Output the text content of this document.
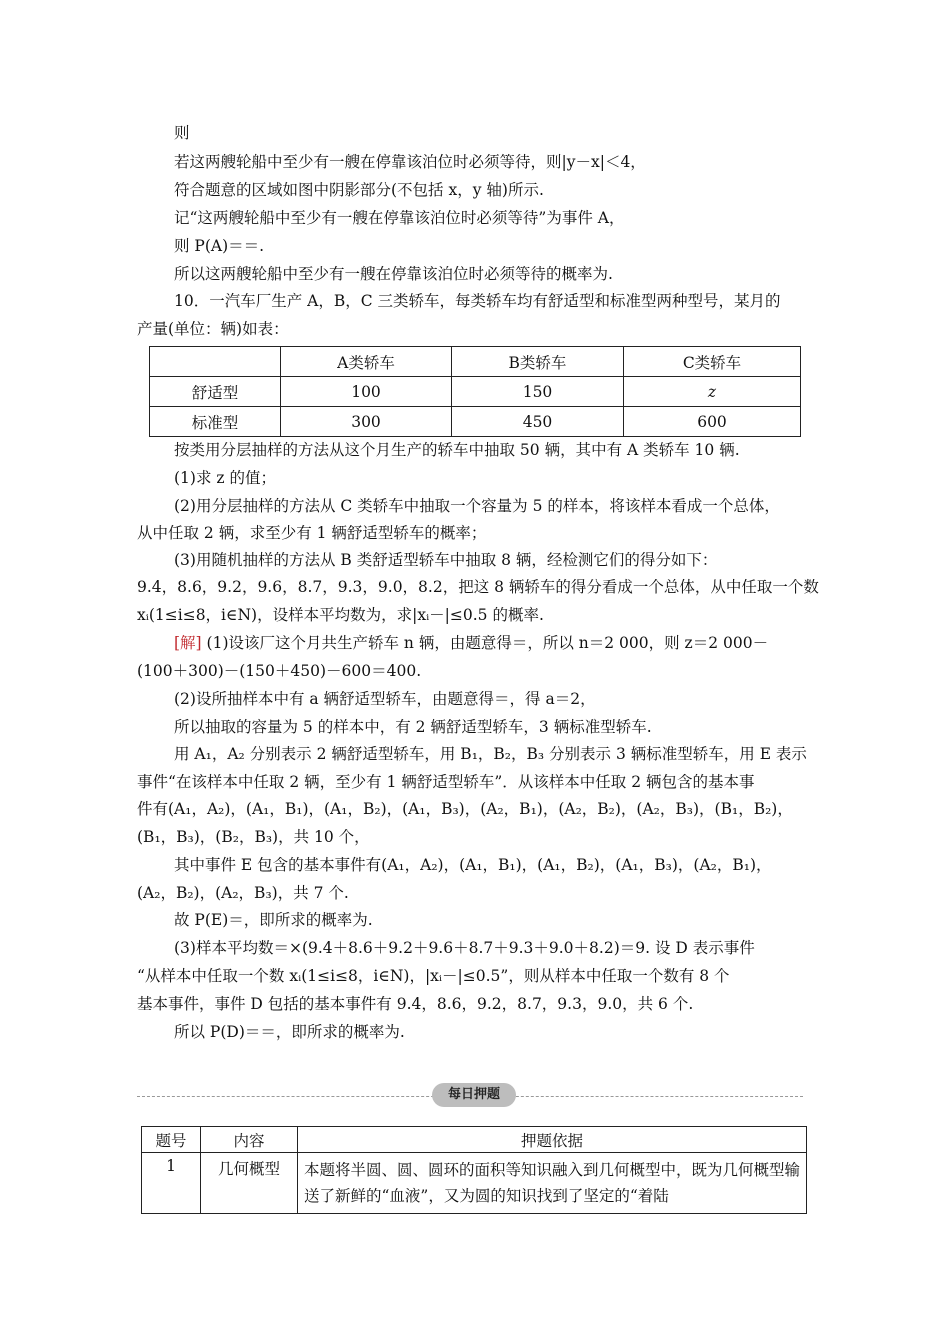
则
若这两艘轮船中至少有一艘在停靠该泊位时必须等待，则|y－x|＜4，
符合题意的区域如图中阴影部分(不包括 x，y 轴)所示.
记“这两艘轮船中至少有一艘在停靠该泊位时必须等待”为事件 A，
则 P(A)＝＝.
所以这两艘轮船中至少有一艘在停靠该泊位时必须等待的概率为.
10．一汽车厂生产 A，B，C 三类轿车，每类轿车均有舒适型和标准型两种型号，某月的
产量(单位：辆)如表：
	A类轿车	B类轿车	C类轿车
舒适型	100	150	z
标准型	300	450	600
按类用分层抽样的方法从这个月生产的轿车中抽取 50 辆，其中有 A 类轿车 10 辆.
(1)求 z 的值；
(2)用分层抽样的方法从 C 类轿车中抽取一个容量为 5 的样本，将该样本看成一个总体，
从中任取 2 辆，求至少有 1 辆舒适型轿车的概率；
(3)用随机抽样的方法从 B 类舒适型轿车中抽取 8 辆，经检测它们的得分如下：
9.4，8.6，9.2，9.6，8.7，9.3，9.0，8.2，把这 8 辆轿车的得分看成一个总体，从中任取一个数
xᵢ(1≤i≤8，i∈N)，设样本平均数为，求|xᵢ－|≤0.5 的概率.
[解] (1)设该厂这个月共生产轿车 n 辆，由题意得＝，所以 n＝2 000，则 z＝2 000－
(100＋300)－(150＋450)－600＝400.
(2)设所抽样本中有 a 辆舒适型轿车，由题意得＝，得 a＝2，
所以抽取的容量为 5 的样本中，有 2 辆舒适型轿车，3 辆标准型轿车.
用 A₁，A₂ 分别表示 2 辆舒适型轿车，用 B₁，B₂，B₃ 分别表示 3 辆标准型轿车，用 E 表示
事件“在该样本中任取 2 辆，至少有 1 辆舒适型轿车”．从该样本中任取 2 辆包含的基本事
件有(A₁，A₂)，(A₁，B₁)，(A₁，B₂)，(A₁，B₃)，(A₂，B₁)，(A₂，B₂)，(A₂，B₃)，(B₁，B₂)，
(B₁，B₃)，(B₂，B₃)，共 10 个，
其中事件 E 包含的基本事件有(A₁，A₂)，(A₁，B₁)，(A₁，B₂)，(A₁，B₃)，(A₂，B₁)，
(A₂，B₂)，(A₂，B₃)，共 7 个.
故 P(E)＝，即所求的概率为.
(3)样本平均数＝×(9.4＋8.6＋9.2＋9.6＋8.7＋9.3＋9.0＋8.2)＝9. 设 D 表示事件
“从样本中任取一个数 xᵢ(1≤i≤8，i∈N)，|xᵢ－|≤0.5”，则从样本中任取一个数有 8 个
基本事件，事件 D 包括的基本事件有 9.4，8.6，9.2，8.7，9.3，9.0，共 6 个.
所以 P(D)＝＝，即所求的概率为.
每日押题
题号	内容	押题依据
1	几何概型	本题将半圆、圆、圆环的面积等知识融入到几何概型中，既为几何概型输送了新鲜的“血液”，又为圆的知识找到了坚定的“着陆
